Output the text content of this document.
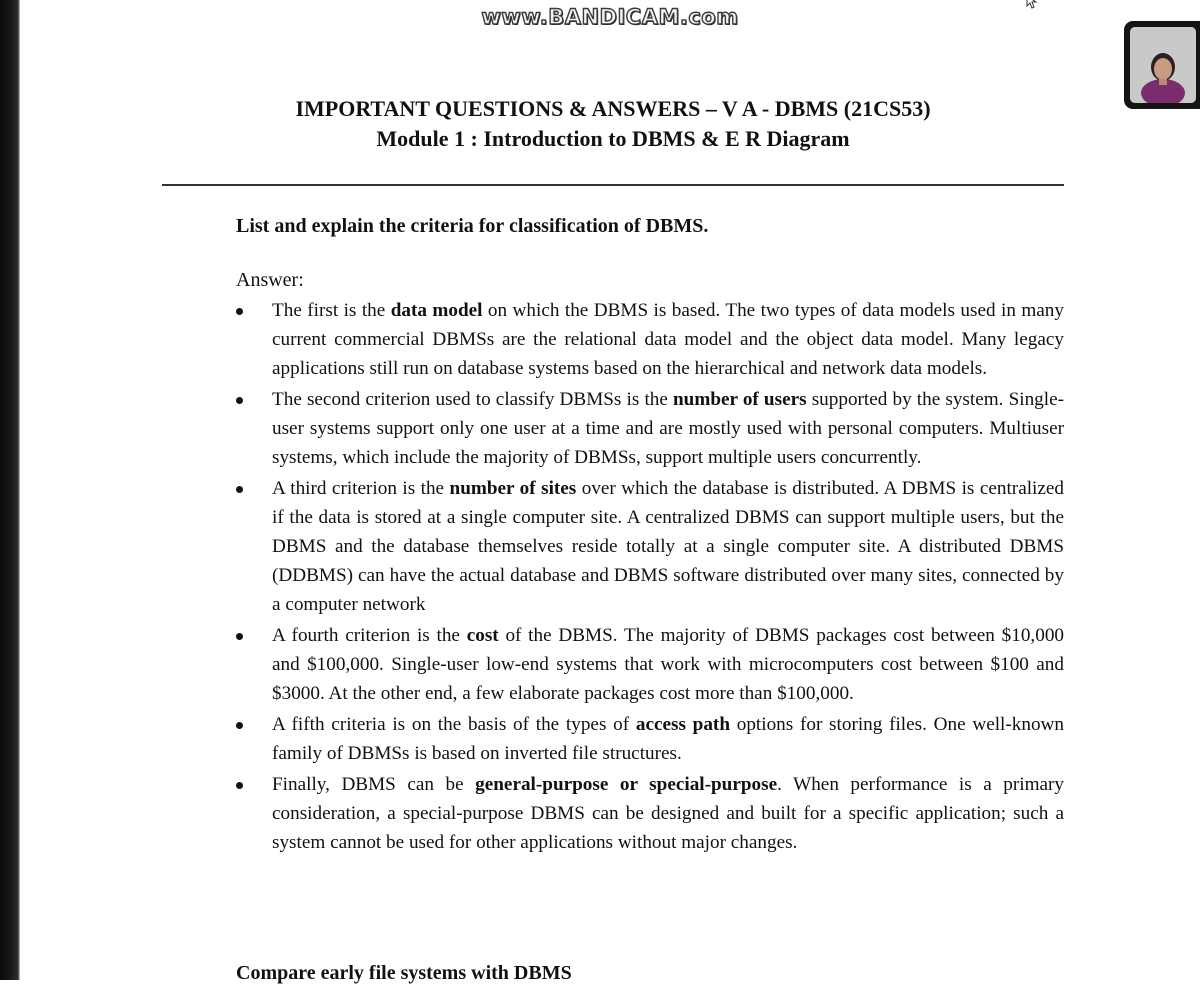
www.BANDICAM.com
IMPORTANT QUESTIONS & ANSWERS – V A - DBMS (21CS53)
Module 1 : Introduction to DBMS & E R Diagram

List and explain the criteria for classification of DBMS.

Answer:

The first is the data model on which the DBMS is based. The two types of data models used in many current commercial DBMSs are the relational data model and the object data model. Many legacy applications still run on database systems based on the hierarchical and network data models.
The second criterion used to classify DBMSs is the number of users supported by the system. Single-user systems support only one user at a time and are mostly used with personal computers. Multiuser systems, which include the majority of DBMSs, support multiple users concurrently.
A third criterion is the number of sites over which the database is distributed. A DBMS is centralized if the data is stored at a single computer site. A centralized DBMS can support multiple users, but the DBMS and the database themselves reside totally at a single computer site. A distributed DBMS (DDBMS) can have the actual database and DBMS software distributed over many sites, connected by a computer network
A fourth criterion is the cost of the DBMS. The majority of DBMS packages cost between $10,000 and $100,000. Single-user low-end systems that work with microcomputers cost between $100 and $3000. At the other end, a few elaborate packages cost more than $100,000.
A fifth criteria is on the basis of the types of access path options for storing files. One well-known family of DBMSs is based on inverted file structures.
Finally, DBMS can be general-purpose or special-purpose. When performance is a primary consideration, a special-purpose DBMS can be designed and built for a specific application; such a system cannot be used for other applications without major changes.

Compare early file systems with DBMS
